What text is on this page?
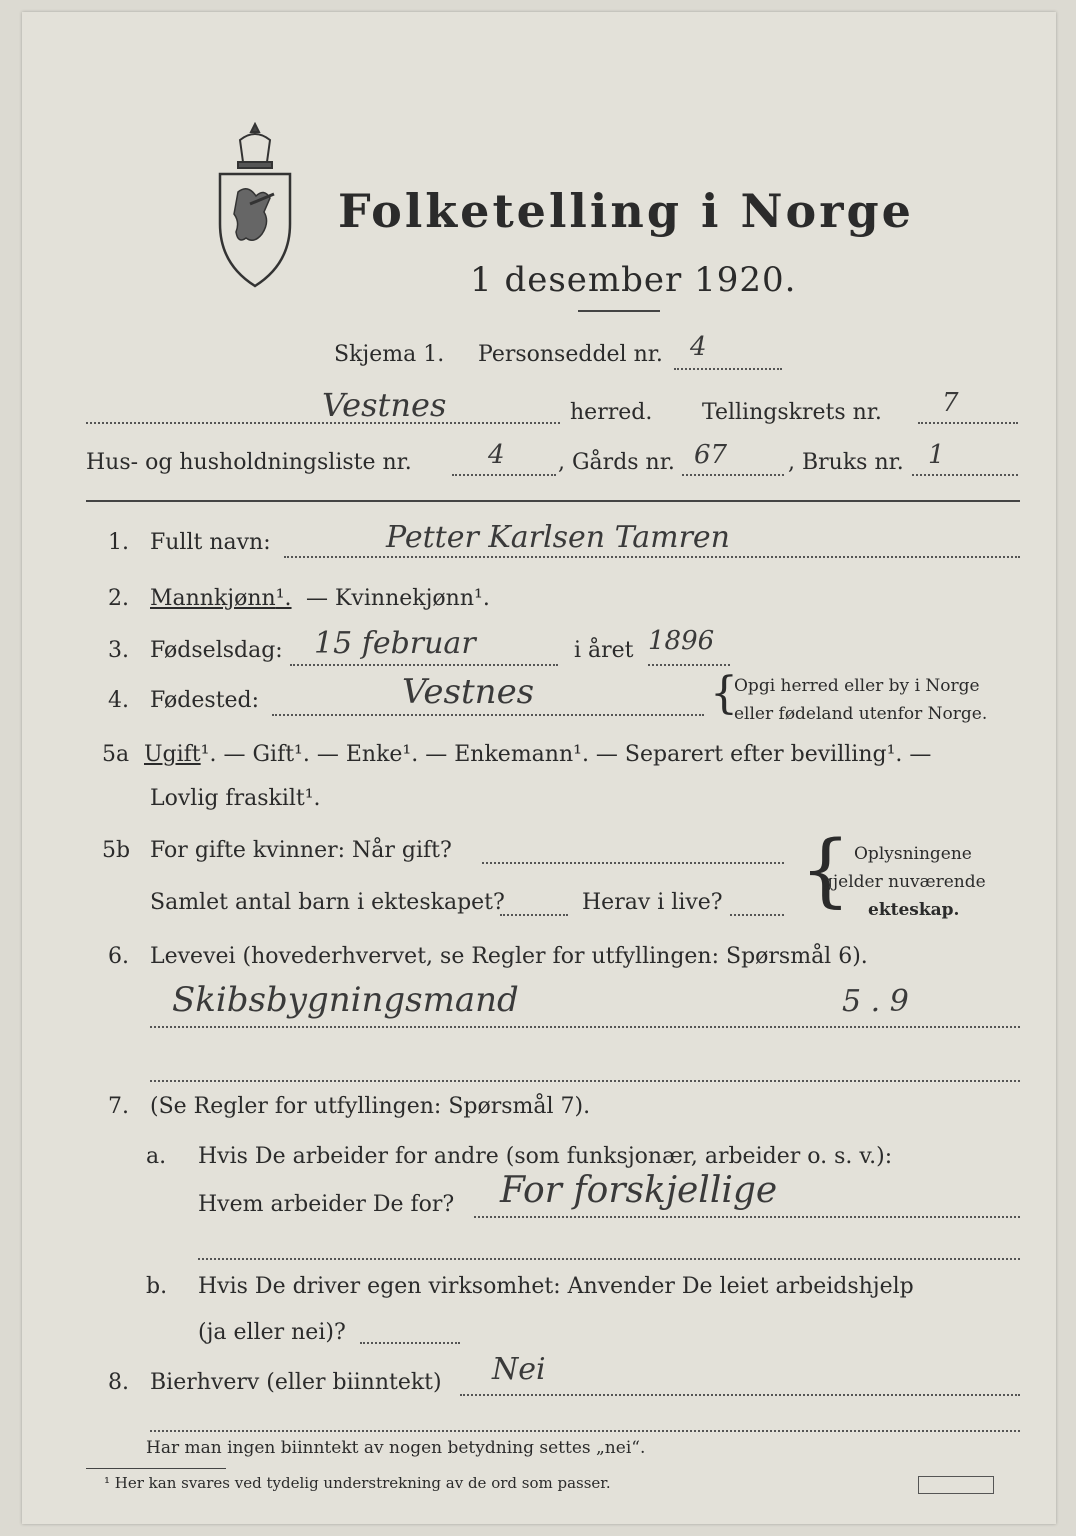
Folketelling i Norge
1 desember 1920.
Skjema 1. Personseddel nr. 4
Vestnes	herred. Tellingskrets nr. 7
Hus- og husholdningsliste nr.	4 , Gårds nr. 67	, Bruks nr. 1
1. Fullt navn:	Petter Karlsen Tamren
2. Mannkjønn¹. — Kvinnekjønn¹.
3. Fødselsdag: 15 februar	i året 1896
4. Fødested:	Vestnes	{
Opgi herred eller by i Norge
eller fødeland utenfor Norge.
5a Ugift¹. — Gift¹. — Enke¹. — Enkemann¹. — Separert efter bevilling¹. —
Lovlig fraskilt¹.
5b For gifte kvinner: Når gift?
Samlet antal barn i ekteskapet?	Herav i live? { Oplysningene
gjelder nuværende
ekteskap.
6. Levevei (hovederhvervet, se Regler for utfyllingen: Spørsmål 6).
Skibsbygningsmand	5 . 9
7. (Se Regler for utfyllingen: Spørsmål 7).
a. Hvis De arbeider for andre (som funksjonær, arbeider o. s. v.):
Hvem arbeider De for? For forskjellige
b. Hvis De driver egen virksomhet: Anvender De leiet arbeidshjelp
(ja eller nei)?
8. Bierhverv (eller biinntekt) Nei
Har man ingen biinntekt av nogen betydning settes „nei“.
¹ Her kan svares ved tydelig understrekning av de ord som passer.
